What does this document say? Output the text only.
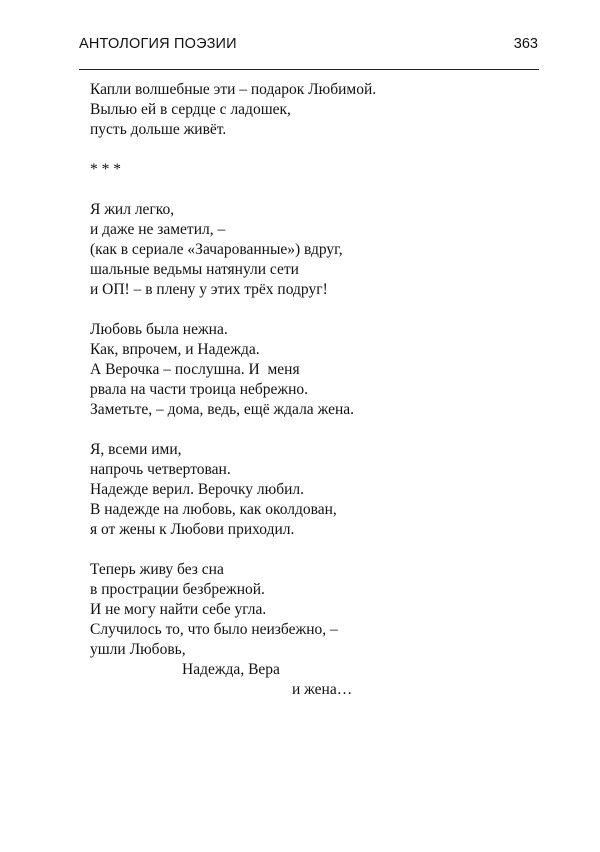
АНТОЛОГИЯ ПОЭЗИИ	363
Капли волшебные эти – подарок Любимой.
Вылью ей в сердце с ладошек,
пусть дольше живёт.
* * *
Я жил легко,
и даже не заметил, –
(как в сериале «Зачарованные») вдруг,
шальные ведьмы натянули сети
и ОП! – в плену у этих трёх подруг!
Любовь была нежна.
Как, впрочем, и Надежда.
А Верочка – послушна. И  меня
рвала на части троица небрежно.
Заметьте, – дома, ведь, ещё ждала жена.
Я, всеми ими,
напрочь четвертован.
Надежде верил. Верочку любил.
В надежде на любовь, как околдован,
я от жены к Любови приходил.
Теперь живу без сна
в прострации безбрежной.
И не могу найти себе угла.
Случилось то, что было неизбежно, –
ушли Любовь,
Надежда, Вера
и жена…
